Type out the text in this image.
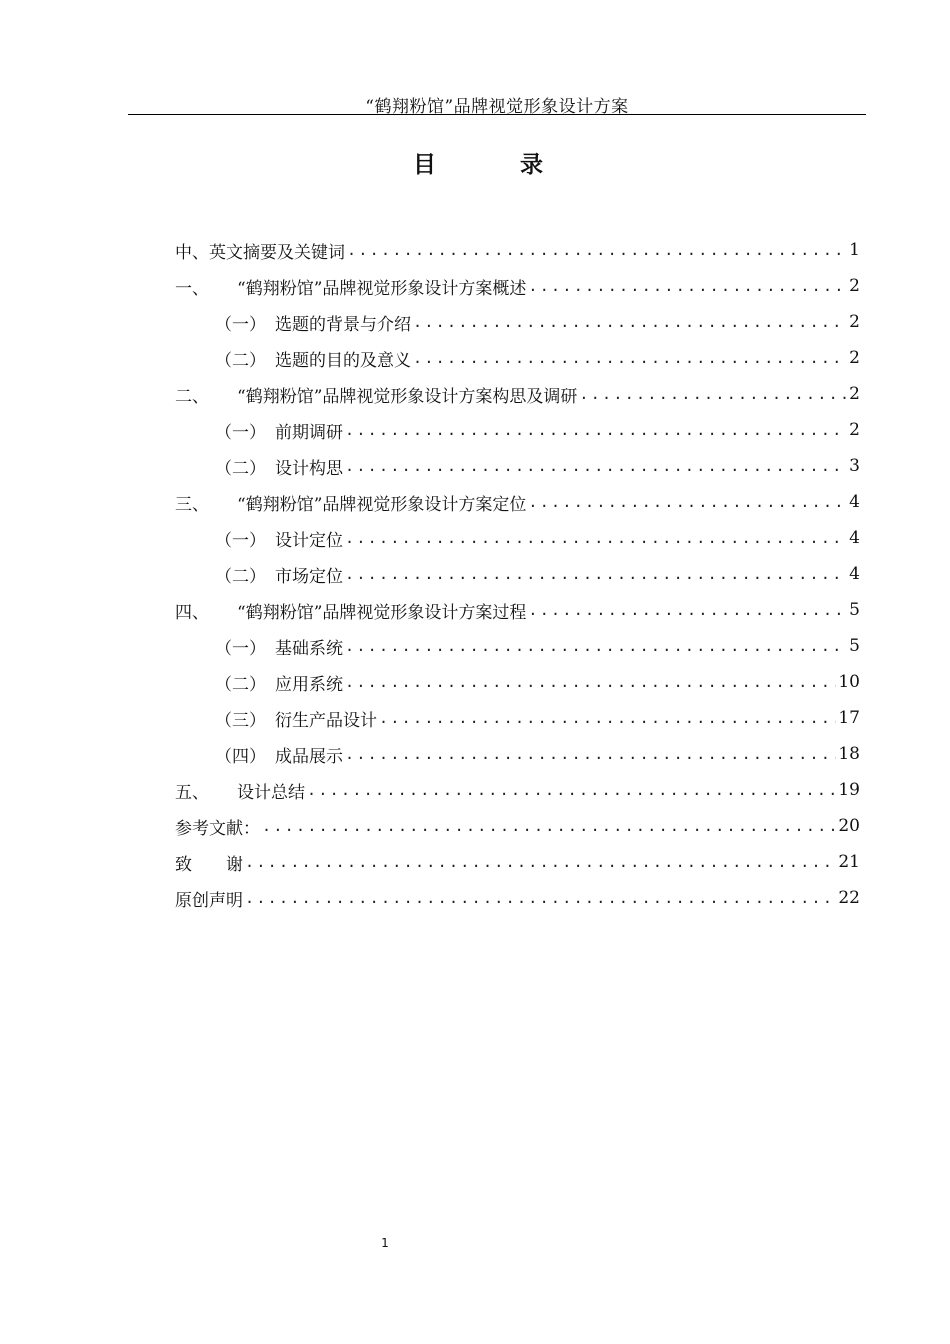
“鹤翔粉馆”品牌视觉形象设计方案
目 录
中、英文摘要及关键词 .....	1
一、 “鹤翔粉馆”品牌视觉形象设计方案概述 .....	2
（一） 选题的背景与介绍 .....	2
（二） 选题的目的及意义 .....	2
二、 “鹤翔粉馆”品牌视觉形象设计方案构思及调研 .....	2
（一） 前期调研 .....	2
（二） 设计构思 .....	3
三、 “鹤翔粉馆”品牌视觉形象设计方案定位 .....	4
（一） 设计定位 .....	4
（二） 市场定位 .....	4
四、 “鹤翔粉馆”品牌视觉形象设计方案过程 .....	5
（一） 基础系统 .....	5
（二） 应用系统 .....	10
（三） 衍生产品设计 .....	17
（四） 成品展示 .....	18
五、 设计总结 .....	19
参考文献： .....	20
致　　谢 .....	21
原创声明 .....	22
1
